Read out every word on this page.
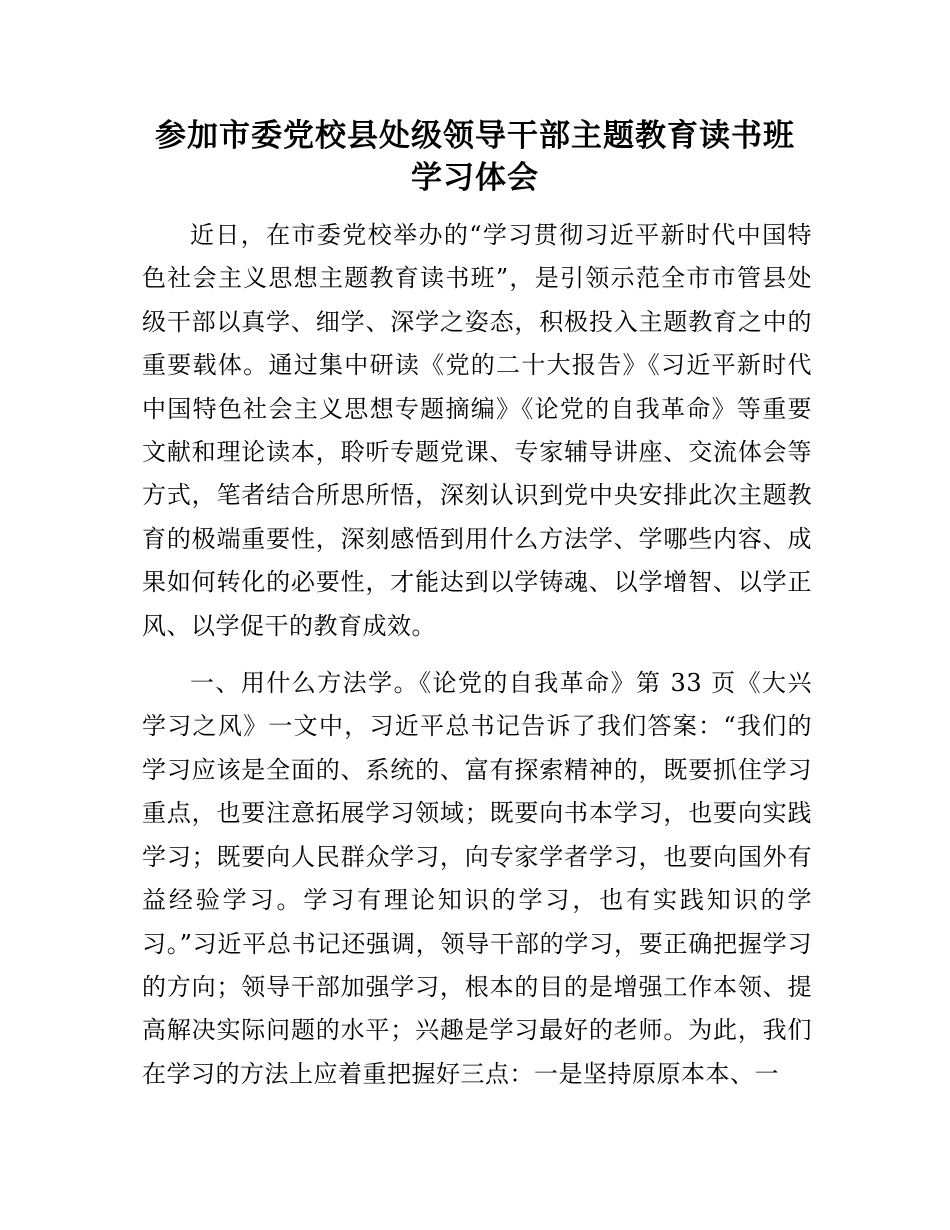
参加市委党校县处级领导干部主题教育读书班
学习体会

近日，在市委党校举办的“学习贯彻习近平新时代中国特色社会主义思想主题教育读书班”，是引领示范全市市管县处级干部以真学、细学、深学之姿态，积极投入主题教育之中的重要载体。通过集中研读《党的二十大报告》《习近平新时代中国特色社会主义思想专题摘编》《论党的自我革命》等重要文献和理论读本，聆听专题党课、专家辅导讲座、交流体会等方式，笔者结合所思所悟，深刻认识到党中央安排此次主题教育的极端重要性，深刻感悟到用什么方法学、学哪些内容、成果如何转化的必要性，才能达到以学铸魂、以学增智、以学正风、以学促干的教育成效。

一、用什么方法学。《论党的自我革命》第 33 页《大兴学习之风》一文中，习近平总书记告诉了我们答案：“我们的学习应该是全面的、系统的、富有探索精神的，既要抓住学习重点，也要注意拓展学习领域；既要向书本学习，也要向实践学习；既要向人民群众学习，向专家学者学习，也要向国外有益经验学习。学习有理论知识的学习，也有实践知识的学习。”习近平总书记还强调，领导干部的学习，要正确把握学习的方向；领导干部加强学习，根本的目的是增强工作本领、提高解决实际问题的水平；兴趣是学习最好的老师。为此，我们在学习的方法上应着重把握好三点：一是坚持原原本本、一
